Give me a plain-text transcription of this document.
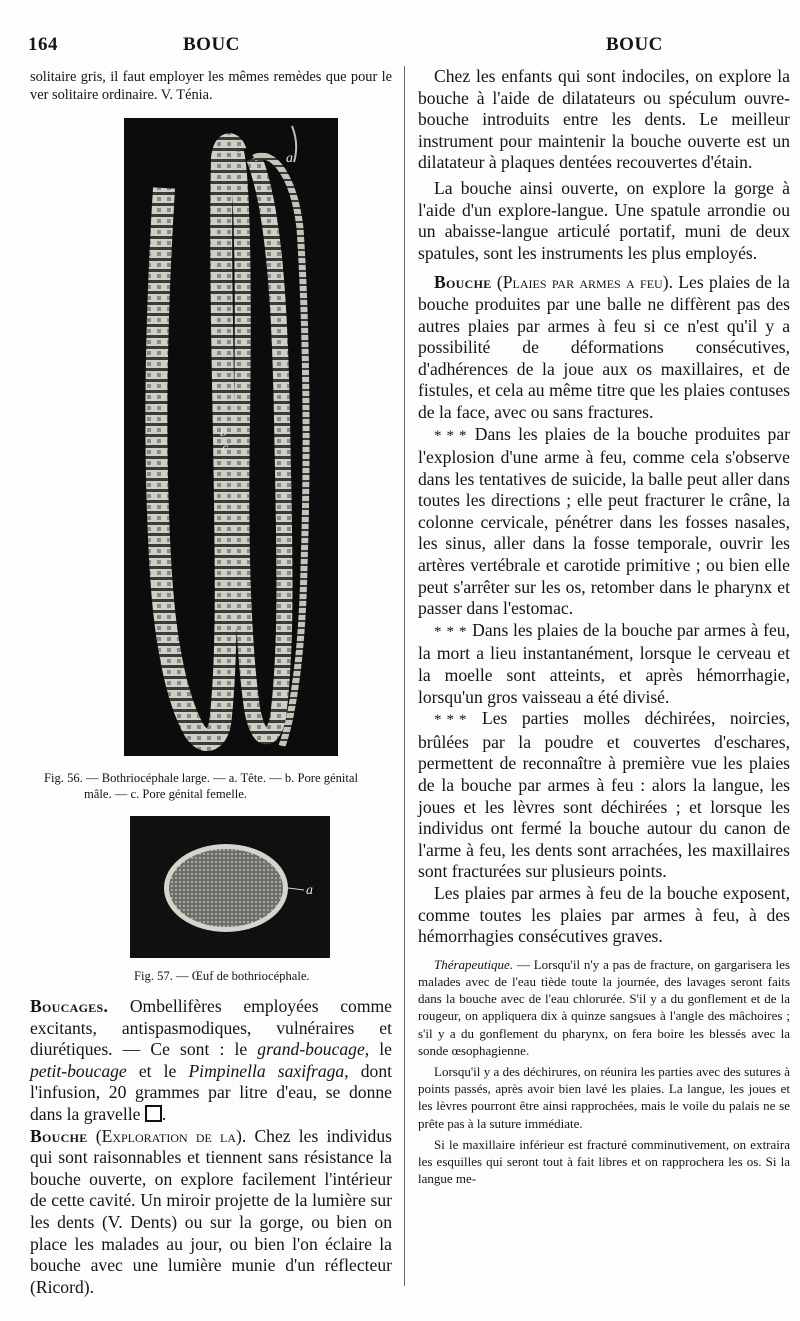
164	BOUC	BOUC

solitaire gris, il faut employer les mêmes remèdes que pour le ver solitaire ordinaire. V. Ténia.

a
b
c
Fig. 56. — Bothriocéphale large. — a. Tête. — b. Pore génital
mâle. — c. Pore génital femelle.
a
Fig. 57. — Œuf de bothriocéphale.

Boucages. Ombellifères employées comme excitants, antispasmodiques, vulnéraires et diurétiques. — Ce sont : le grand-boucage, le petit-boucage et le Pimpinella saxifraga, dont l'infusion, 20 grammes par litre d'eau, se donne dans la gravelle .

Bouche (Exploration de la). Chez les individus qui sont raisonnables et tiennent sans résistance la bouche ouverte, on explore facilement l'intérieur de cette cavité. Un miroir projette de la lumière sur les dents (V. Dents) ou sur la gorge, ou bien on place les malades au jour, ou bien l'on éclaire la bouche avec une lumière munie d'un réflecteur (Ricord).

Chez les enfants qui sont indociles, on explore la bouche à l'aide de dilatateurs ou spéculum ouvre-bouche introduits entre les dents. Le meilleur instrument pour maintenir la bouche ouverte est un dilatateur à plaques dentées recouvertes d'étain.

La bouche ainsi ouverte, on explore la gorge à l'aide d'un explore-langue. Une spatule arrondie ou un abaisse-langue articulé portatif, muni de deux spatules, sont les instruments les plus employés.

Bouche (Plaies par armes a feu). Les plaies de la bouche produites par une balle ne diffèrent pas des autres plaies par armes à feu si ce n'est qu'il y a possibilité de déformations consécutives, d'adhérences de la joue aux os maxillaires, et de fistules, et cela au même titre que les plaies contuses de la face, avec ou sans fractures.

* * * Dans les plaies de la bouche produites par l'explosion d'une arme à feu, comme cela s'observe dans les tentatives de suicide, la balle peut aller dans toutes les directions ; elle peut fracturer le crâne, la colonne cervicale, pénétrer dans les fosses nasales, les sinus, aller dans la fosse temporale, ouvrir les artères vertébrale et carotide primitive ; ou bien elle peut s'arrêter sur les os, retomber dans le pharynx et passer dans l'estomac.

* * * Dans les plaies de la bouche par armes à feu, la mort a lieu instantanément, lorsque le cerveau et la moelle sont atteints, et après hémorrhagie, lorsqu'un gros vaisseau a été divisé.

* * * Les parties molles déchirées, noircies, brûlées par la poudre et couvertes d'eschares, permettent de reconnaître à première vue les plaies de la bouche par armes à feu : alors la langue, les joues et les lèvres sont déchirées ; et lorsque les individus ont fermé la bouche autour du canon de l'arme à feu, les dents sont arrachées, les maxillaires sont fracturées sur plusieurs points.

Les plaies par armes à feu de la bouche exposent, comme toutes les plaies par armes à feu, à des hémorrhagies consécutives graves.

Thérapeutique. — Lorsqu'il n'y a pas de fracture, on gargarisera les malades avec de l'eau tiède toute la journée, des lavages seront faits dans la bouche avec de l'eau chlorurée. S'il y a du gonflement et de la rougeur, on appliquera dix à quinze sangsues à l'angle des mâchoires ; s'il y a du gonflement du pharynx, on fera boire les blessés avec la sonde œsophagienne.

Lorsqu'il y a des déchirures, on réunira les parties avec des sutures à points passés, après avoir bien lavé les plaies. La langue, les joues et les lèvres pourront être ainsi rapprochées, mais le voile du palais ne se prête pas à la suture immédiate.

Si le maxillaire inférieur est fracturé comminutivement, on extraira les esquilles qui seront tout à fait libres et on rapprochera les os. Si la langue me-
